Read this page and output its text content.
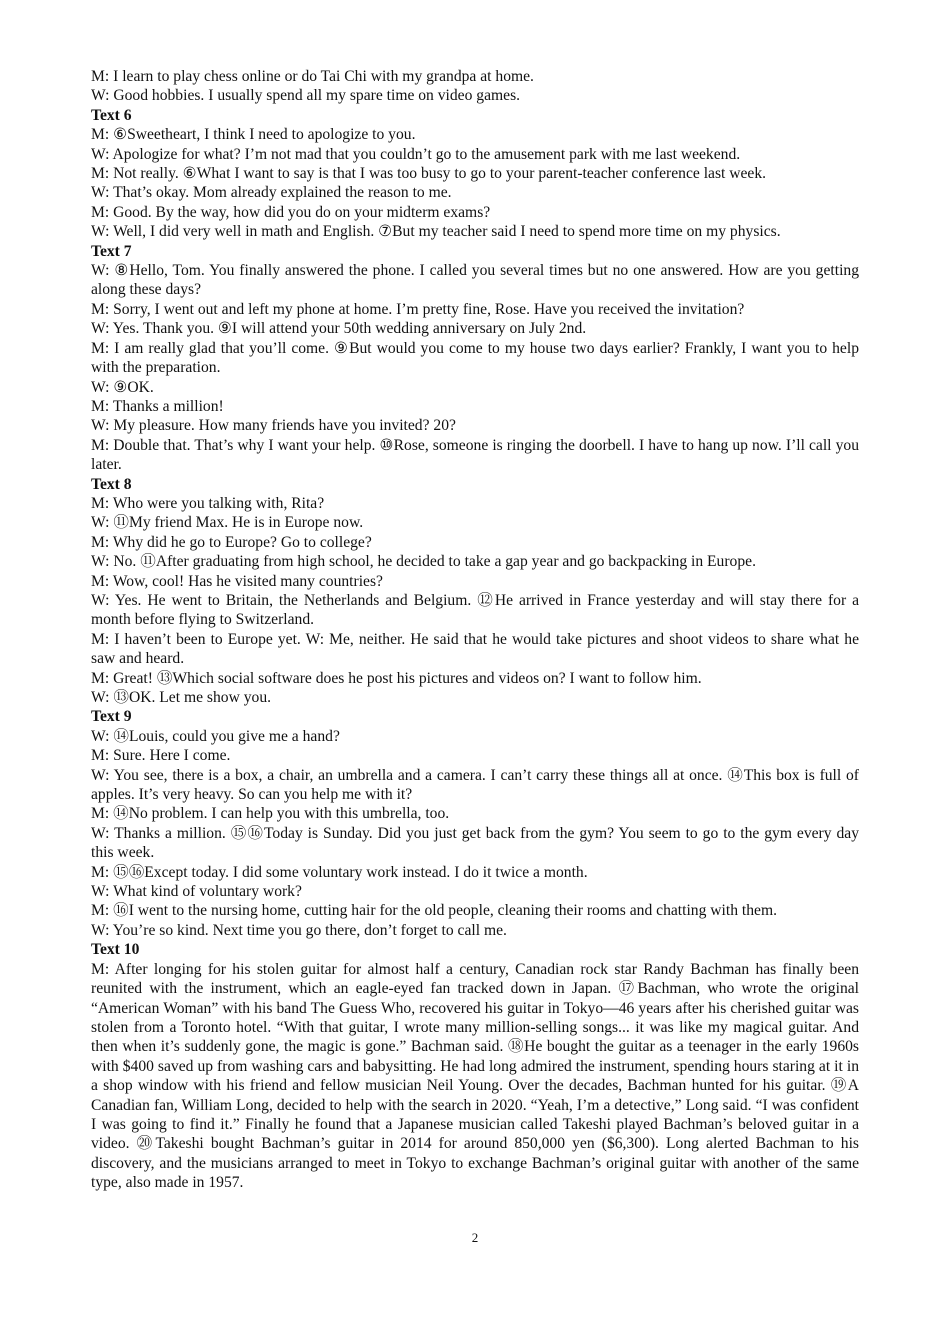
M: I learn to play chess online or do Tai Chi with my grandpa at home.

W: Good hobbies. I usually spend all my spare time on video games.

Text 6

M: ⑥Sweetheart, I think I need to apologize to you.

W: Apologize for what? I’m not mad that you couldn’t go to the amusement park with me last weekend.

M: Not really. ⑥What I want to say is that I was too busy to go to your parent-teacher conference last week.

W: That’s okay. Mom already explained the reason to me.

M: Good. By the way, how did you do on your midterm exams?

W: Well, I did very well in math and English. ⑦But my teacher said I need to spend more time on my physics.

Text 7

W: ⑧Hello, Tom. You finally answered the phone. I called you several times but no one answered. How are you getting along these days?

M: Sorry, I went out and left my phone at home. I’m pretty fine, Rose. Have you received the invitation?

W: Yes. Thank you. ⑨I will attend your 50th wedding anniversary on July 2nd.

M: I am really glad that you’ll come. ⑨But would you come to my house two days earlier? Frankly, I want you to help with the preparation.

W: ⑨OK.

M: Thanks a million!

W: My pleasure. How many friends have you invited? 20?

M: Double that. That’s why I want your help. ⑩Rose, someone is ringing the doorbell. I have to hang up now. I’ll call you later.

Text 8

M: Who were you talking with, Rita?

W: ⑪My friend Max. He is in Europe now.

M: Why did he go to Europe? Go to college?

W: No. ⑪After graduating from high school, he decided to take a gap year and go backpacking in Europe.

M: Wow, cool! Has he visited many countries?

W: Yes. He went to Britain, the Netherlands and Belgium. ⑫He arrived in France yesterday and will stay there for a month before flying to Switzerland.

M: I haven’t been to Europe yet. W: Me, neither. He said that he would take pictures and shoot videos to share what he saw and heard.

M: Great! ⑬Which social software does he post his pictures and videos on? I want to follow him.

W: ⑬OK. Let me show you.

Text 9

W: ⑭Louis, could you give me a hand?

M: Sure. Here I come.

W: You see, there is a box, a chair, an umbrella and a camera. I can’t carry these things all at once. ⑭This box is full of apples. It’s very heavy. So can you help me with it?

M: ⑭No problem. I can help you with this umbrella, too.

W: Thanks a million. ⑮⑯Today is Sunday. Did you just get back from the gym? You seem to go to the gym every day this week.

M: ⑮⑯Except today. I did some voluntary work instead. I do it twice a month.

W: What kind of voluntary work?

M: ⑯I went to the nursing home, cutting hair for the old people, cleaning their rooms and chatting with them.

W: You’re so kind. Next time you go there, don’t forget to call me.

Text 10

M: After longing for his stolen guitar for almost half a century, Canadian rock star Randy Bachman has finally been reunited with the instrument, which an eagle-eyed fan tracked down in Japan. ⑰Bachman, who wrote the original “American Woman” with his band The Guess Who, recovered his guitar in Tokyo—46 years after his cherished guitar was stolen from a Toronto hotel. “With that guitar, I wrote many million-selling songs... it was like my magical guitar. And then when it’s suddenly gone, the magic is gone.” Bachman said. ⑱He bought the guitar as a teenager in the early 1960s with $400 saved up from washing cars and babysitting. He had long admired the instrument, spending hours staring at it in a shop window with his friend and fellow musician Neil Young. Over the decades, Bachman hunted for his guitar. ⑲A Canadian fan, William Long, decided to help with the search in 2020. “Yeah, I’m a detective,” Long said. “I was confident I was going to find it.” Finally he found that a Japanese musician called Takeshi played Bachman’s beloved guitar in a video. ⑳Takeshi bought Bachman’s guitar in 2014 for around 850,000 yen ($6,300). Long alerted Bachman to his discovery, and the musicians arranged to meet in Tokyo to exchange Bachman’s original guitar with another of the same type, also made in 1957.

2
